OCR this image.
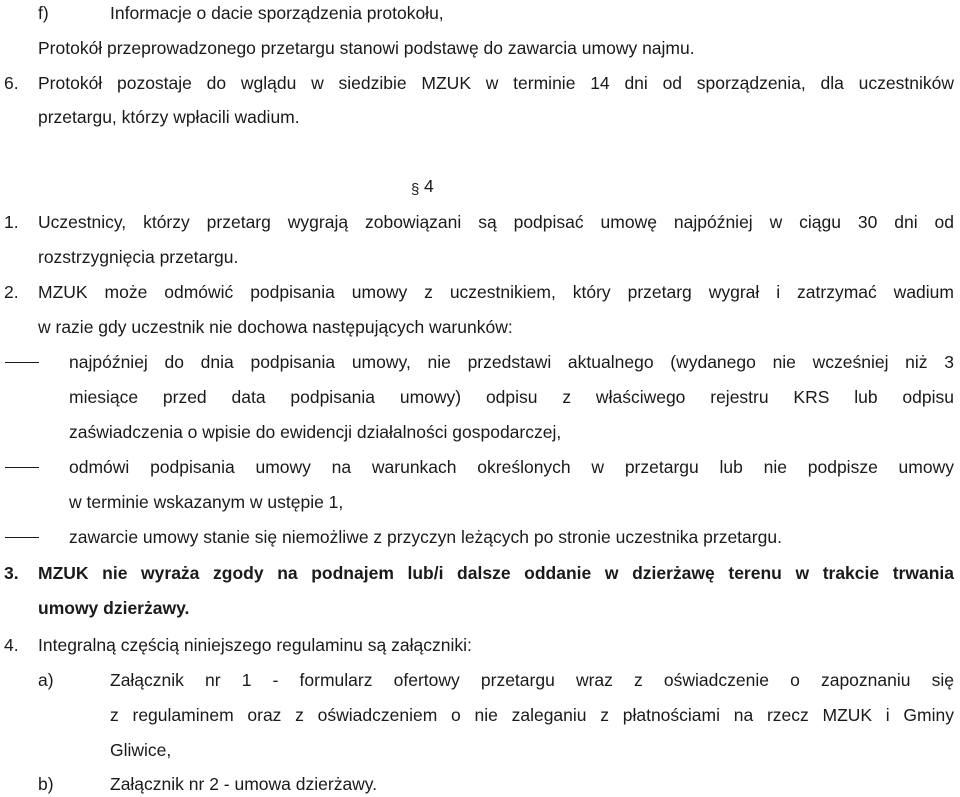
f)	Informacje o dacie sporządzenia protokołu,
Protokół przeprowadzonego przetargu stanowi podstawę do zawarcia umowy najmu.
6. Protokół pozostaje do wglądu w siedzibie MZUK w terminie 14 dni od sporządzenia, dla uczestników
przetargu, którzy wpłacili wadium.
§ 4
1. Uczestnicy, którzy przetarg wygrają zobowiązani są podpisać umowę najpóźniej w ciągu 30 dni od
rozstrzygnięcia przetargu.
2. MZUK może odmówić podpisania umowy z uczestnikiem, który przetarg wygrał i zatrzymać wadium
w razie gdy uczestnik nie dochowa następujących warunków:
najpóźniej do dnia podpisania umowy, nie przedstawi aktualnego (wydanego nie wcześniej niż 3
miesiące przed data podpisania umowy) odpisu z właściwego rejestru KRS lub odpisu
zaświadczenia o wpisie do ewidencji działalności gospodarczej,
odmówi podpisania umowy na warunkach określonych w przetargu lub nie podpisze umowy
w terminie wskazanym w ustępie 1,
zawarcie umowy stanie się niemożliwe z przyczyn leżących po stronie uczestnika przetargu.
3. MZUK nie wyraża zgody na podnajem lub/i dalsze oddanie w dzierżawę terenu w trakcie trwania
umowy dzierżawy.
4. Integralną częścią niniejszego regulaminu są załączniki:
a)	Załącznik nr 1 - formularz ofertowy przetargu wraz z oświadczenie o zapoznaniu się
z regulaminem oraz z oświadczeniem o nie zaleganiu z płatnościami na rzecz MZUK i Gminy
Gliwice,
b)	Załącznik nr 2 - umowa dzierżawy.
